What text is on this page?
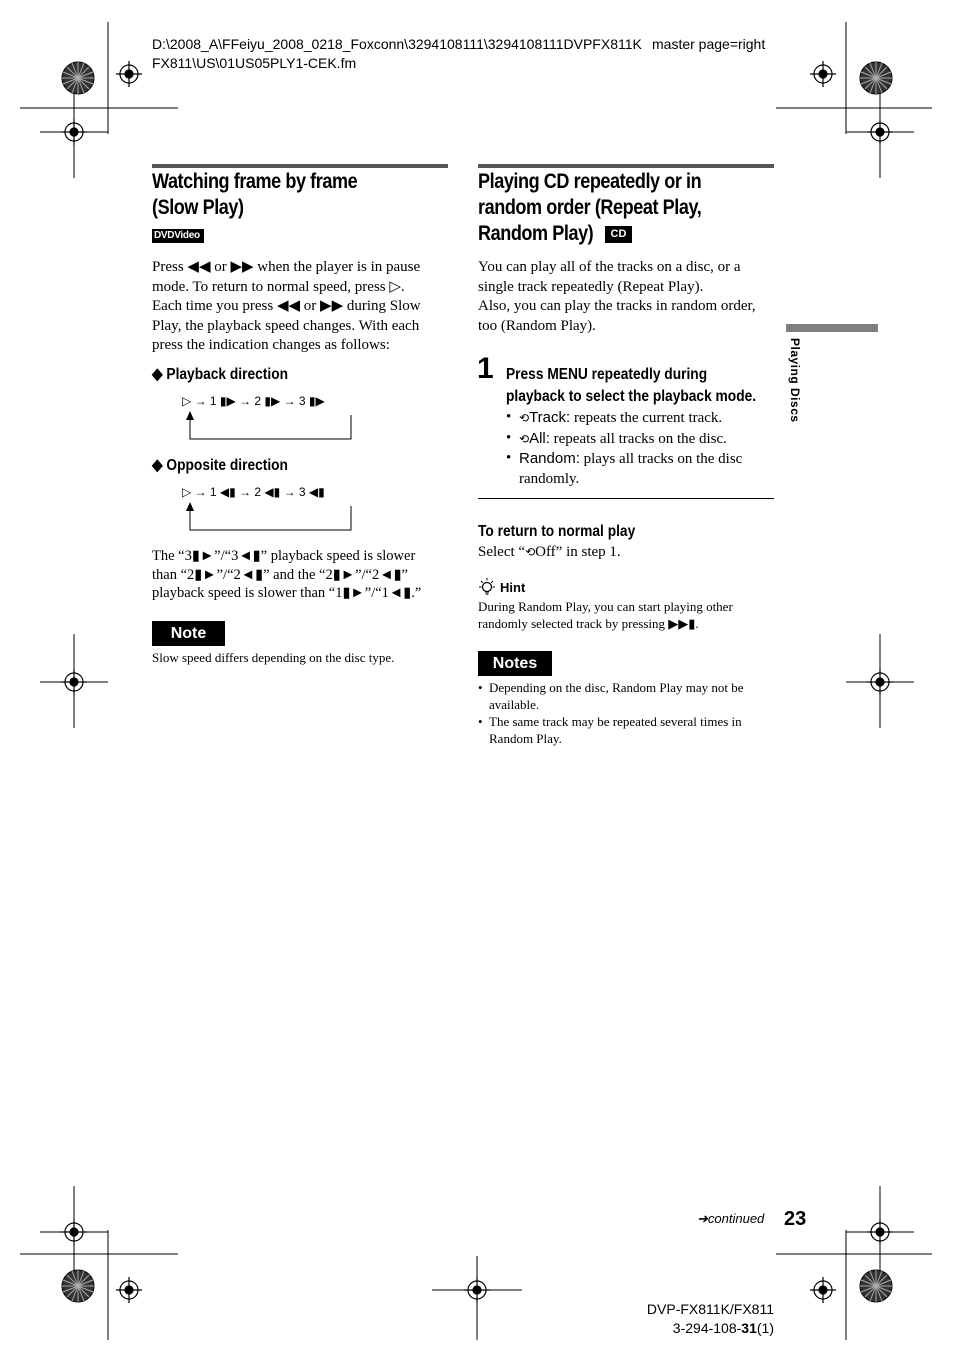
D:\2008_A\FFeiyu_2008_0218_Foxconn\3294108111\3294108111DVPFX811K
FX811\US\01US05PLY1-CEK.fm
master page=right
Watching frame by frame
(Slow Play)
DVDVideo
Press ◀◀ or ▶▶ when the player is in pause
mode. To return to normal speed, press ▷.
Each time you press ◀◀ or ▶▶ during Slow
Play, the playback speed changes. With each
press the indication changes as follows:
◆ Playback direction
▷ → 1 ▮▶ → 2 ▮▶ → 3 ▮▶
◆ Opposite direction
▷ → 1 ◀▮ → 2 ◀▮ → 3 ◀▮
The “3▮►”/“3◄▮” playback speed is slower
than “2▮►”/“2◄▮” and the “2▮►”/“2◄▮”
playback speed is slower than “1▮►”/“1◄▮.”
Note
Slow speed differs depending on the disc type.
Playing CD repeatedly or in
random order (Repeat Play,
Random Play)	CD
You can play all of the tracks on a disc, or a
single track repeatedly (Repeat Play).
Also, you can play the tracks in random order,
too (Random Play).
1 Press MENU repeatedly during
playback to select the playback mode.
• ⟲Track: repeats the current track.
• ⟲All: repeats all tracks on the disc.
• Random: plays all tracks on the disc randomly.
To return to normal play
Select “⟲Off” in step 1.
Hint
During Random Play, you can start playing other
randomly selected track by pressing ▶▶▮.
Notes
• Depending on the disc, Random Play may not be available.
• The same track may be repeated several times in Random Play.
Playing Discs
➜continued 23
DVP-FX811K/FX811
3-294-108-31(1)
